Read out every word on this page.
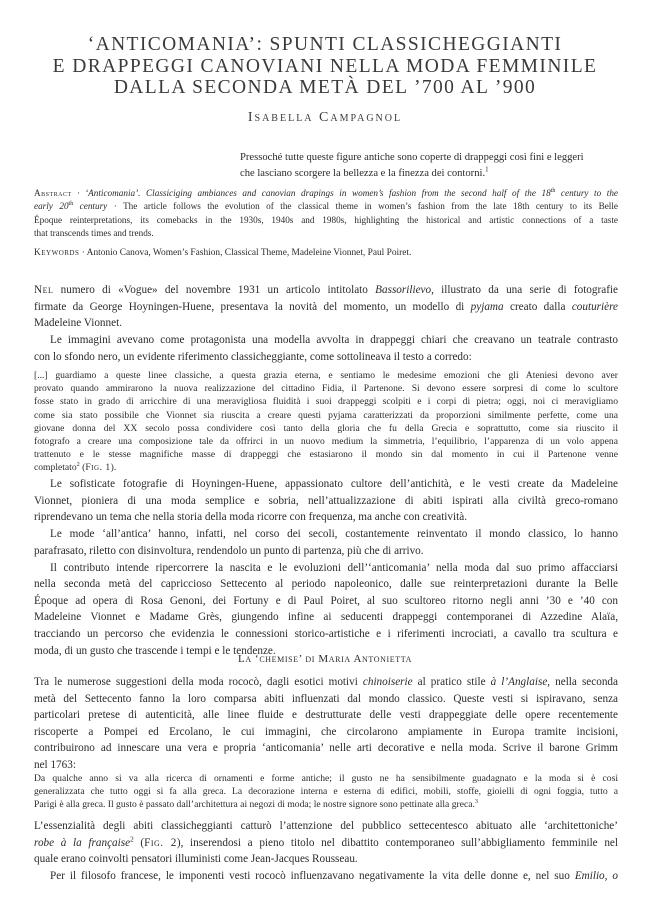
‘ANTICOMANIA’: SPUNTI CLASSICHEGGIANTI
E DRAPPEGGI CANOVIANI NELLA MODA FEMMINILE
DALLA SECONDA METÀ DEL ’700 AL ’900
Isabella Campagnol
Pressoché tutte queste figure antiche sono coperte di drappeggi così fini e leggeri
che lasciano scorgere la bellezza e la finezza dei contorni.$^1$
Abstract · ‘Anticomania’. Classiciging ambiances and canovian drapings in women’s fashion from the second half of the 18th century to the
early 20th century · The article follows the evolution of the classical theme in women’s fashion from the late 18th century to its Belle
Époque reinterpretations, its comebacks in the 1930s, 1940s and 1980s, highlighting the historical and artistic connections of a taste
that transcends times and trends.
Keywords · Antonio Canova, Women’s Fashion, Classical Theme, Madeleine Vionnet, Paul Poiret.
Nel numero di «Vogue» del novembre 1931 un articolo intitolato Bassorilievo, illustrato da una serie di fotografie
firmate da George Hoyningen-Huene, presentava la novità del momento, un modello di pyjama creato dalla couturière
Madeleine Vionnet.
Le immagini avevano come protagonista una modella avvolta in drappeggi chiari che creavano un teatrale contrasto
con lo sfondo nero, un evidente riferimento classicheggiante, come sottolineava il testo a corredo:
[...] guardiamo a queste linee classiche, a questa grazia eterna, e sentiamo le medesime emozioni che gli Ateniesi devono aver
provato quando ammirarono la nuova realizzazione del cittadino Fidia, il Partenone. Si devono essere sorpresi di come lo scultore
fosse stato in grado di arricchire di una meravigliosa fluidità i suoi drappeggi scolpiti e i corpi di pietra; oggi, noi ci meravigliamo
come sia stato possibile che Vionnet sia riuscita a creare questi pyjama caratterizzati da proporzioni similmente perfette, come una
giovane donna del XX secolo possa condividere così tanto della gloria che fu della Grecia e soprattutto, come sia riuscito il
fotografo a creare una composizione tale da offrirci in un nuovo medium la simmetria, l’equilibrio, l’apparenza di un volo appena
trattenuto e le stesse magnifiche masse di drappeggi che estasiarono il mondo sin dal momento in cui il Partenone venne
completato$^2$ (Fig. 1).
Le sofisticate fotografie di Hoyningen-Huene, appassionato cultore dell’antichità, e le vesti create da Madeleine
Vionnet, pioniera di una moda semplice e sobria, nell’attualizzazione di abiti ispirati alla civiltà greco-romano
riprendevano un tema che nella storia della moda ricorre con frequenza, ma anche con creatività.
Le mode ‘all’antica’ hanno, infatti, nel corso dei secoli, costantemente reinventato il mondo classico, lo hanno
parafrasato, riletto con disinvoltura, rendendolo un punto di partenza, più che di arrivo.
Il contributo intende ripercorrere la nascita e le evoluzioni dell’‘anticomania’ nella moda dal suo primo affacciarsi
nella seconda metà del capriccioso Settecento al periodo napoleonico, dalle sue reinterpretazioni durante la Belle
Époque ad opera di Rosa Genoni, dei Fortuny e di Paul Poiret, al suo scultoreo ritorno negli anni ’30 e ’40 con
Madeleine Vionnet e Madame Grès, giungendo infine ai seducenti drappeggi contemporanei di Azzedine Alaïa,
tracciando un percorso che evidenzia le connessioni storico-artistiche e i riferimenti incrociati, a cavallo tra scultura e
moda, di un gusto che trascende i tempi e le tendenze.
La ‘chemise’ di Maria Antonietta
Tra le numerose suggestioni della moda rococò, dagli esotici motivi chinoiserie al pratico stile à l’Anglaise, nella seconda
metà del Settecento fanno la loro comparsa abiti influenzati dal mondo classico. Queste vesti si ispiravano, senza
particolari pretese di autenticità, alle linee fluide e destrutturate delle vesti drappeggiate delle opere recentemente
riscoperte a Pompei ed Ercolano, le cui immagini, che circolarono ampiamente in Europa tramite incisioni,
contribuirono ad innescare una vera e propria ‘anticomania’ nelle arti decorative e nella moda. Scrive il barone Grimm
nel 1763:
Da qualche anno si va alla ricerca di ornamenti e forme antiche; il gusto ne ha sensibilmente guadagnato e la moda si è così
generalizzata che tutto oggi si fa alla greca. La decorazione interna e esterna di edifici, mobili, stoffe, gioielli di ogni foggia, tutto a
Parigi è alla greca. Il gusto è passato dall’architettura ai negozi di moda; le nostre signore sono pettinate alla greca.$^3$
L’essenzialità degli abiti classicheggianti catturò l’attenzione del pubblico settecentesco abituato alle ‘architettoniche’
robe à la française$^2$ (Fig. 2), inserendosi a pieno titolo nel dibattito contemporaneo sull’abbigliamento femminile nel
quale erano coinvolti pensatori illuministi come Jean-Jacques Rousseau.
Per il filosofo francese, le imponenti vesti rococò influenzavano negativamente la vita delle donne e, nel suo Emilio, o
